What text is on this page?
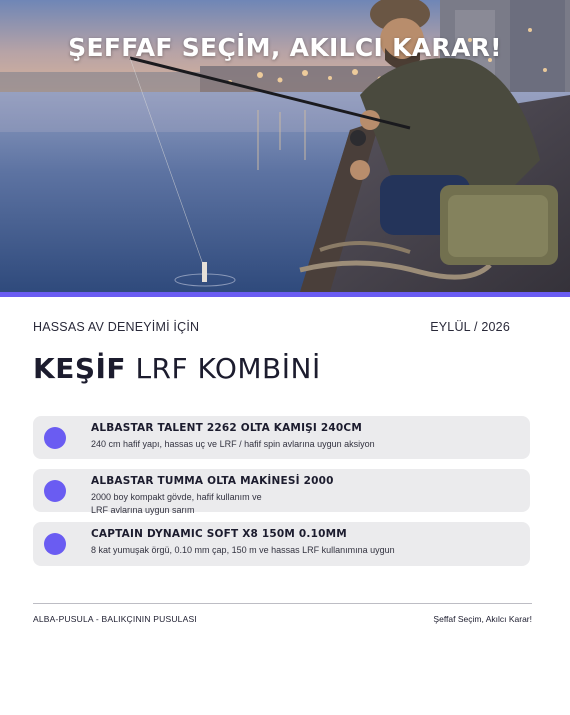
ŞEFFAF SEÇİM, AKILCI KARAR!
HASSAS AV DENEYİMİ İÇİN	EYLÜL / 2026
KEŞİF LRF KOMBİNİ
ALBASTAR TALENT 2262 OLTA KAMIŞI 240CM
240 cm hafif yapı, hassas uç ve LRF / hafif spin avlarına uygun aksiyon
ALBASTAR TUMMA OLTA MAKİNESİ 2000
2000 boy kompakt gövde, hafif kullanım ve LRF avlarına uygun sarım
CAPTAIN DYNAMIC SOFT X8 150M 0.10MM
8 kat yumuşak örgü, 0.10 mm çap, 150 m ve hassas LRF kullanımına uygun
ALBA-PUSULA - BALIKÇININ PUSULASI	Şeffaf Seçim, Akılcı Karar!
